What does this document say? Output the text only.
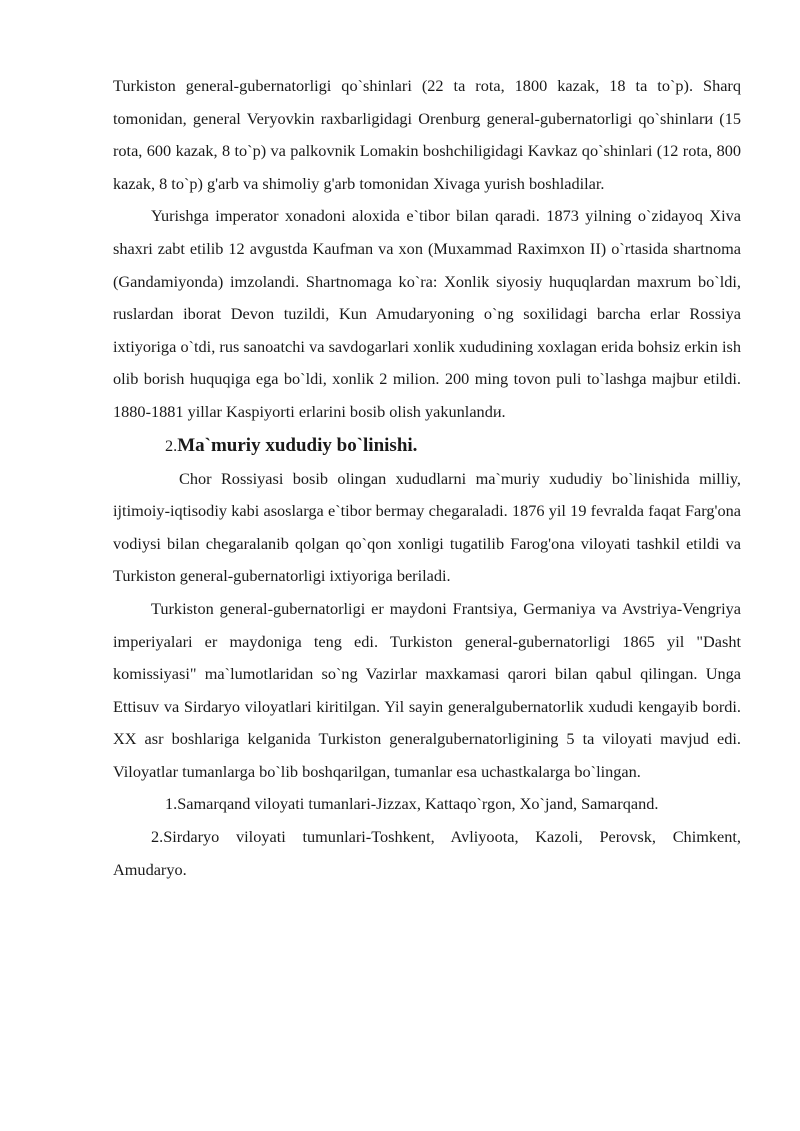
Turkiston general-gubernatorligi qo`shinlari (22 ta rota, 1800 kazak, 18 ta to`p). Sharq tomonidan, general Veryovkin raxbarligidagi Orenburg general-gubernatorligi qo`shinlarи (15 rota, 600 kazak, 8 to`p) va palkovnik Lomakin boshchiligidagi Kavkaz qo`shinlari (12 rota, 800 kazak, 8 to`p) g'arb va shimoliy g'arb tomonidan Xivaga yurish boshladilar.

Yurishga imperator xonadoni aloxida e`tibor bilan qaradi. 1873 yilning o`zidayoq Xiva shaxri zabt etilib 12 avgustda Kaufman va xon (Muxammad Raximxon II) o`rtasida shartnoma (Gandamiyonda) imzolandi. Shartnomaga ko`ra: Xonlik siyosiy huquqlardan maxrum bo`ldi, ruslardan iborat Devon tuzildi, Kun Amudaryoning o`ng soxilidagi barcha erlar Rossiya ixtiyoriga o`tdi, rus sanoatchi va savdogarlari xonlik xududining xoxlagan erida bohsiz erkin ish olib borish huquqiga ega bo`ldi, xonlik 2 milion. 200 ming tovon puli to`lashga majbur etildi. 1880-1881 yillar Kaspiyorti erlarini bosib olish yakunlandи.

2.Ma`muriy xududiy bo`linishi.

Chor Rossiyasi bosib olingan xududlarni ma`muriy xududiy bo`linishida milliy, ijtimoiy-iqtisodiy kabi asoslarga e`tibor bermay chegaraladi. 1876 yil 19 fevralda faqat Farg'ona vodiysi bilan chegaralanib qolgan qo`qon xonligi tugatilib Farog'ona viloyati tashkil etildi va Turkiston general-gubernatorligi ixtiyoriga beriladi.

Turkiston general-gubernatorligi er maydoni Frantsiya, Germaniya va Avstriya-Vengriya imperiyalari er maydoniga teng edi. Turkiston general-gubernatorligi 1865 yil "Dasht komissiyasi" ma`lumotlaridan so`ng Vazirlar maxkamasi qarori bilan qabul qilingan. Unga Ettisuv va Sirdaryo viloyatlari kiritilgan. Yil sayin generalgubernatorlik xududi kengayib bordi. XX asr boshlariga kelganida Turkiston generalgubernatorligining 5 ta viloyati mavjud edi. Viloyatlar tumanlarga bo`lib boshqarilgan, tumanlar esa uchastkalarga bo`lingan.

1.Samarqand viloyati tumanlari-Jizzax, Kattaqo`rgon, Xo`jand, Samarqand.

2.Sirdaryo viloyati tumunlari-Toshkent, Avliyoota, Kazoli, Perovsk, Chimkent, Amudaryo.
